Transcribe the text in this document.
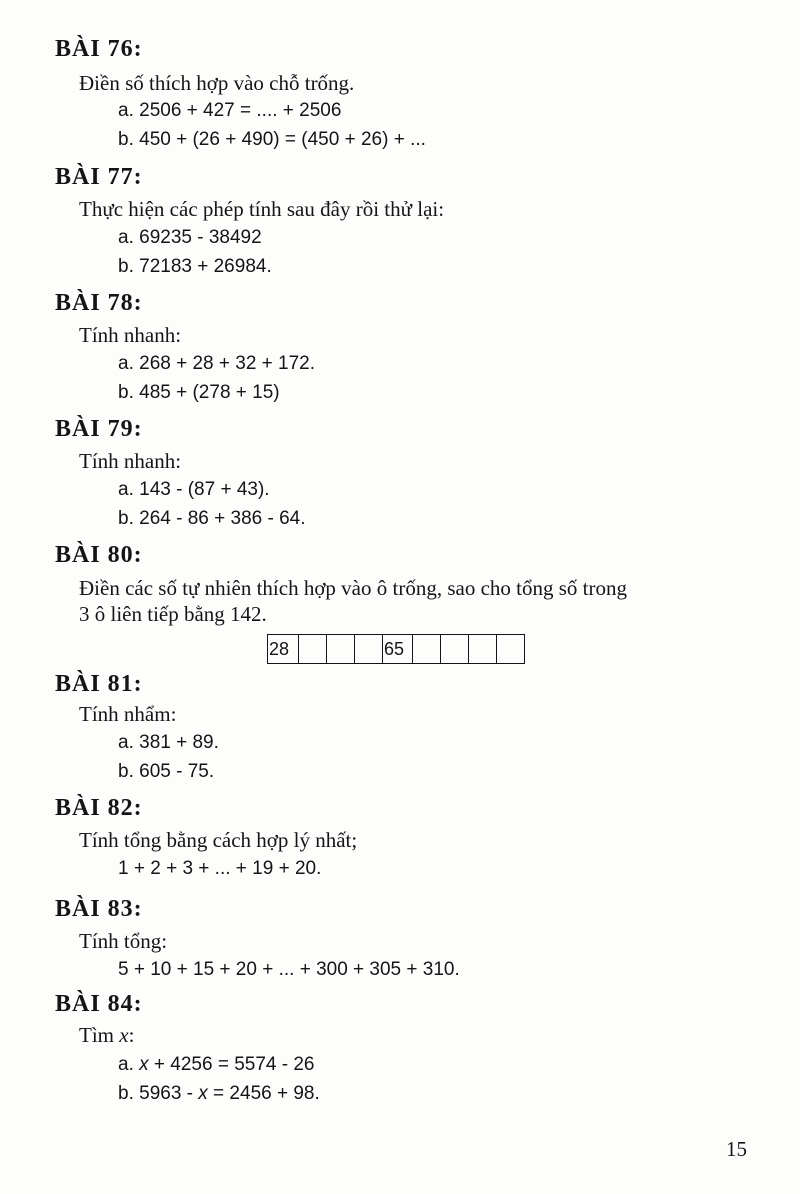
BÀI 76:
Điền số thích hợp vào chỗ trống.
a. 2506 + 427 = .... + 2506
b. 450 + (26 + 490) = (450 + 26) + ...
BÀI 77:
Thực hiện các phép tính sau đây rồi thử lại:
a. 69235 - 38492
b. 72183 + 26984.
BÀI 78:
Tính nhanh:
a. 268 + 28 + 32 + 172.
b. 485 + (278 + 15)
BÀI 79:
Tính nhanh:
a. 143 - (87 + 43).
b. 264 - 86 + 386 - 64.
BÀI 80:
Điền các số tự nhiên thích hợp vào ô trống, sao cho tổng số trong
3 ô liên tiếp bằng 142.
28	65
BÀI 81:
Tính nhẩm:
a. 381 + 89.
b. 605 - 75.
BÀI 82:
Tính tổng bằng cách hợp lý nhất;
1 + 2 + 3 + ... + 19 + 20.
BÀI 83:
Tính tổng:
5 + 10 + 15 + 20 + ... + 300 + 305 + 310.
BÀI 84:
Tìm x:
a. x + 4256 = 5574 - 26
b. 5963 - x = 2456 + 98.
15
